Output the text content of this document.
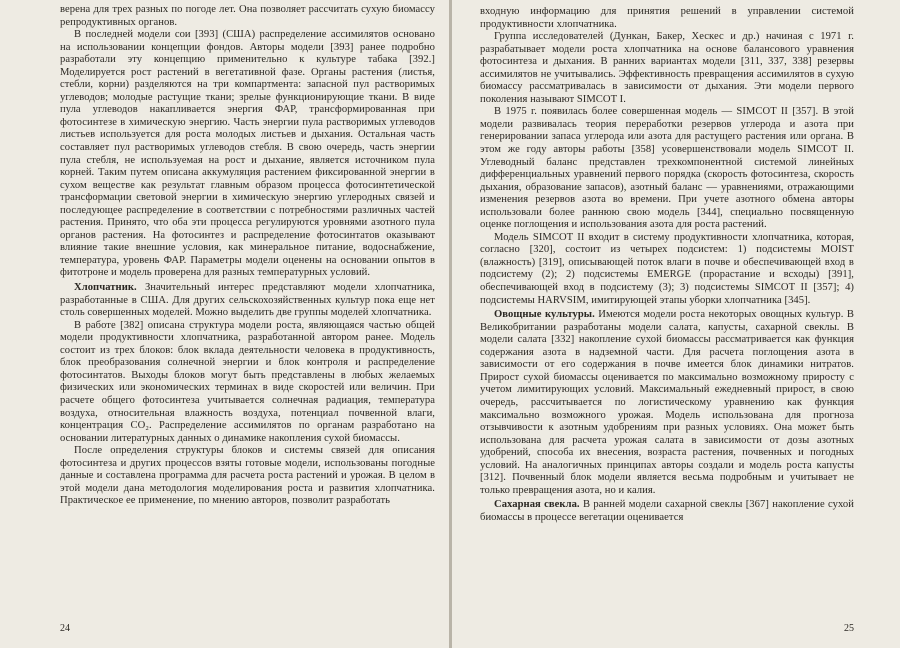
верена для трех разных по погоде лет. Она позволяет рассчитать сухую биомассу репродуктивных органов.

В последней модели сои [393] (США) распределение ассимилятов основано на использовании концепции фондов. Авторы модели [393] ранее подробно разработали эту концепцию применительно к культуре табака [392.] Моделируется рост растений в вегетативной фазе. Органы растения (листья, стебли, корни) разделяются на три компартмента: запасной пул растворимых углеводов; молодые растущие ткани; зрелые функционирующие ткани. В виде пула углеводов накапливается энергия ФАР, трансформированная при фотосинтезе в химическую энергию. Часть энергии пула растворимых углеводов листьев используется для роста молодых листьев и дыхания. Остальная часть составляет пул растворимых углеводов стебля. В свою очередь, часть энергии пула стебля, не используемая на рост и дыхание, является источником пула корней. Таким путем описана аккумуляция растением фиксированной энергии в сухом веществе как результат главным образом процесса фотосинтетической трансформации световой энергии в химическую энергию углеродных связей и последующее распределение в соответствии с потребностями различных частей растения. Принято, что оба эти процесса регулируются уровнями азотного пула органов растения. На фотосинтез и распределение фотосинтатов оказывают влияние такие внешние условия, как минеральное питание, водоснабжение, температура, уровень ФАР. Параметры модели оценены на основании опытов в фитотроне и модель проверена для разных температурных условий.

Хлопчатник. Значительный интерес представляют модели хлопчатника, разработанные в США. Для других сельскохозяйственных культур пока еще нет столь совершенных моделей. Можно выделить две группы моделей хлопчатника.

В работе [382] описана структура модели роста, являющаяся частью общей модели продуктивности хлопчатника, разработанной автором ранее. Модель состоит из трех блоков: блок вклада деятельности человека в продуктивность, блок преобразования солнечной энергии и блок контроля и распределение фотосинтатов. Выходы блоков могут быть представлены в любых желаемых физических или экономических терминах в виде скоростей или величин. При расчете общего фотосинтеза учитывается солнечная радиация, температура воздуха, относительная влажность воздуха, потенциал почвенной влаги, концентрация CO₂. Распределение ассимилятов по органам разработано на основании литературных данных о динамике накопления сухой биомассы.

После определения структуры блоков и системы связей для описания фотосинтеза и других процессов взяты готовые модели, использованы погодные данные и составлена программа для расчета роста растений и урожая. В целом в этой модели дана методология моделирования роста и развития хлопчатника. Практическое ее применение, по мнению авторов, позволит разработать

24

входную информацию для принятия решений в управлении системой продуктивности хлопчатника.

Группа исследователей (Дункан, Бакер, Хескес и др.) начиная с 1971 г. разрабатывает модели роста хлопчатника на основе балансового уравнения фотосинтеза и дыхания. В ранних вариантах модели [311, 337, 338] резервы ассимилятов не учитывались. Эффективность превращения ассимилятов в сухую биомассу рассматривалась в зависимости от дыхания. Эти модели первого поколения называют SIMCOT I.

В 1975 г. появилась более совершенная модель — SIMCOT II [357]. В этой модели развивалась теория переработки резервов углерода и азота при генерировании запаса углерода или азота для растущего растения или органа. В этом же году авторы работы [358] усовершенствовали модель SIMCOT II. Углеводный баланс представлен трехкомпонентной системой линейных дифференциальных уравнений первого порядка (скорость фотосинтеза, скорость дыхания, образование запасов), азотный баланс — уравнениями, отражающими изменения резервов азота во времени. При учете азотного обмена авторы использовали более раннюю свою модель [344], специально посвященную оценке поглощения и использования азота для роста растений.

Модель SIMCOT II входит в систему продуктивности хлопчатника, которая, согласно [320], состоит из четырех подсистем: 1) подсистемы MOIST (влажность) [319], описывающей поток влаги в почве и обеспечивающей вход в подсистему (2); 2) подсистемы EMERGE (прорастание и всходы) [391], обеспечивающей вход в подсистему (3); 3) подсистемы SIMCOT II [357]; 4) подсистемы HARVSIM, имитирующей этапы уборки хлопчатника [345].

Овощные культуры. Имеются модели роста некоторых овощных культур. В Великобритании разработаны модели салата, капусты, сахарной свеклы. В модели салата [332] накопление сухой биомассы рассматривается как функция содержания азота в надземной части. Для расчета поглощения азота в зависимости от его содержания в почве имеется блок динамики нитратов. Прирост сухой биомассы оценивается по максимально возможному приросту с учетом лимитирующих условий. Максимальный ежедневный прирост, в свою очередь, рассчитывается по логистическому уравнению как функция максимально возможного урожая. Модель использована для прогноза отзывчивости к азотным удобрениям при разных условиях. Она может быть использована для расчета урожая салата в зависимости от дозы азотных удобрений, способа их внесения, возраста растения, почвенных и погодных условий. На аналогичных принципах авторы создали и модель роста капусты [312]. Почвенный блок модели является весьма подробным и учитывает не только превращения азота, но и калия.

Сахарная свекла. В ранней модели сахарной свеклы [367] накопление сухой биомассы в процессе вегетации оценивается

25
